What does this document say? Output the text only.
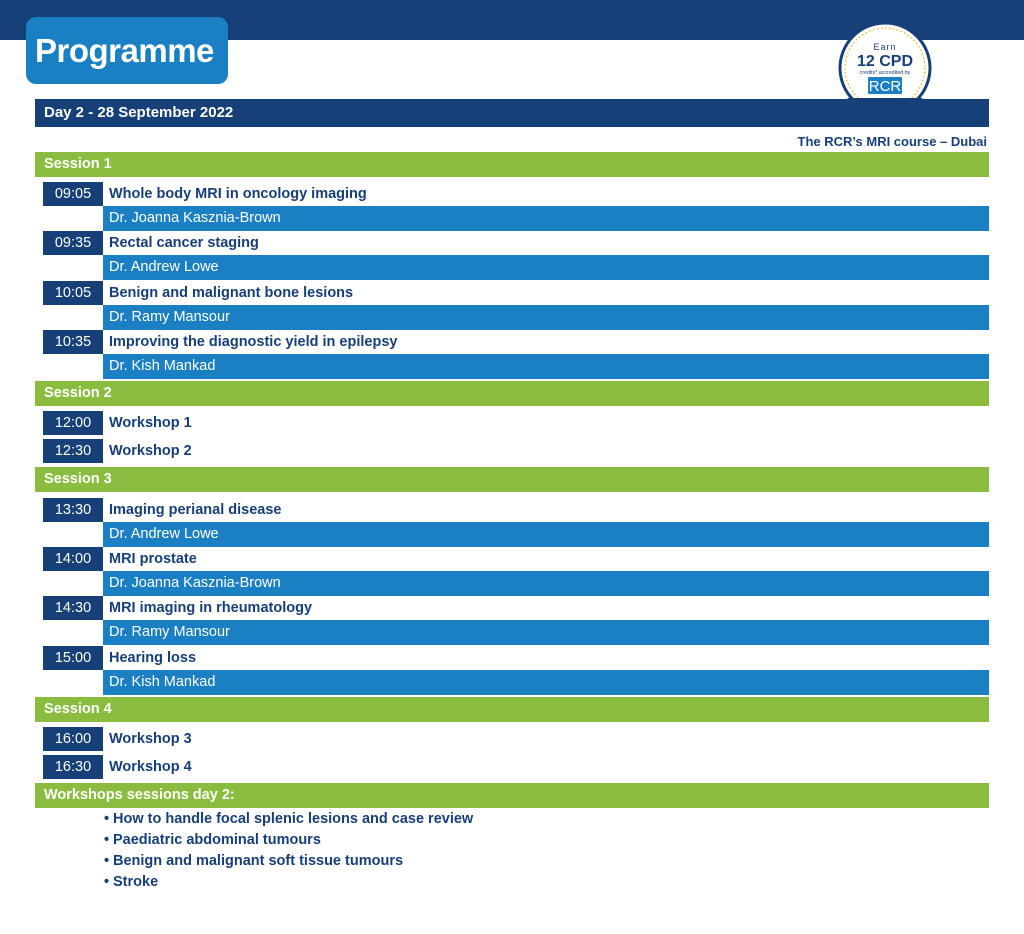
Programme	Earn
12 CPD
credits* accredited by
RCR
Day 2 - 28 September 2022
The RCR’s MRI course – Dubai
Session 1
09:05	Whole body MRI in oncology imaging
Dr. Joanna Kasznia-Brown
09:35	Rectal cancer staging
Dr. Andrew Lowe
10:05	Benign and malignant bone lesions
Dr. Ramy Mansour
10:35	Improving the diagnostic yield in epilepsy
Dr. Kish Mankad
Session 2
12:00	Workshop 1
12:30	Workshop 2
Session 3
13:30	Imaging perianal disease
Dr. Andrew Lowe
14:00	MRI prostate
Dr. Joanna Kasznia-Brown
14:30	MRI imaging in rheumatology
Dr. Ramy Mansour
15:00	Hearing loss
Dr. Kish Mankad
Session 4
16:00	Workshop 3
16:30	Workshop 4
Workshops sessions day 2:
• How to handle focal splenic lesions and case review
• Paediatric abdominal tumours
• Benign and malignant soft tissue tumours
• Stroke
